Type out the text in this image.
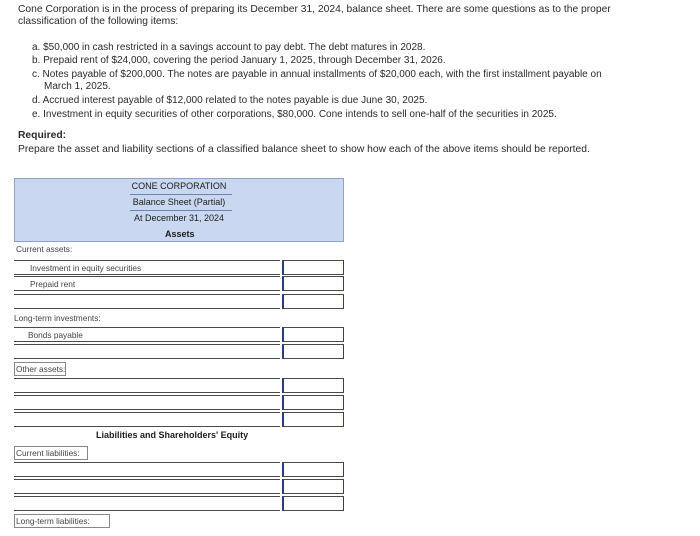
Cone Corporation is in the process of preparing its December 31, 2024, balance sheet. There are some questions as to the proper
classification of the following items:
a. $50,000 in cash restricted in a savings account to pay debt. The debt matures in 2028.
b. Prepaid rent of $24,000, covering the period January 1, 2025, through December 31, 2026.
c. Notes payable of $200,000. The notes are payable in annual installments of $20,000 each, with the first installment payable on
March 1, 2025.
d. Accrued interest payable of $12,000 related to the notes payable is due June 30, 2025.
e. Investment in equity securities of other corporations, $80,000. Cone intends to sell one-half of the securities in 2025.
Required:
Prepare the asset and liability sections of a classified balance sheet to show how each of the above items should be reported.
CONE CORPORATION
Balance Sheet (Partial)
At December 31, 2024
Assets
Current assets:
Investment in equity securities
Prepaid rent
Long-term investments:
Bonds payable
Other assets:
Liabilities and Shareholders' Equity
Current liabilities:
Long-term liabilities:
